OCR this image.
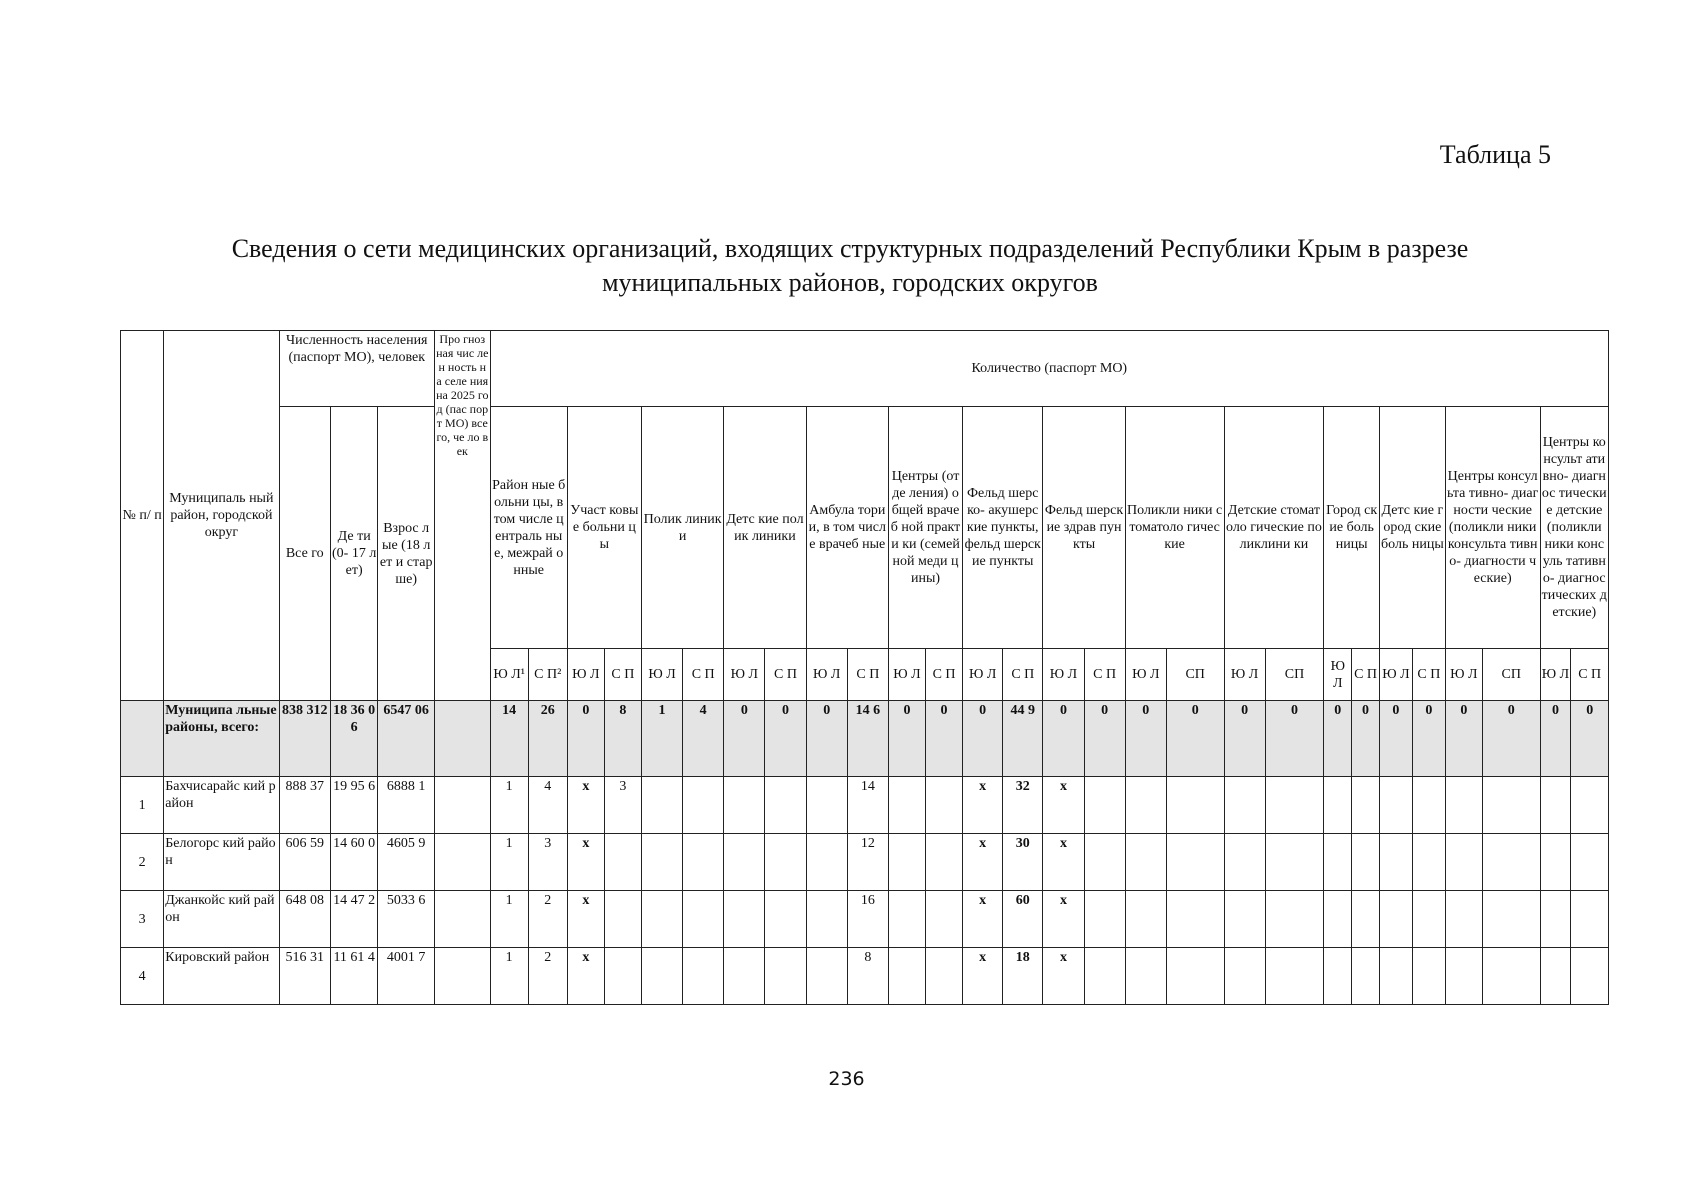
Таблица 5
Сведения о сети медицинских организаций, входящих структурных подразделений Республики Крым в разрезе
муниципальных районов, городских округов
№ п/ п	Муниципаль ный район, городской округ	Численность населения (паспорт МО), человек			Про гноз ная чис лен ность на селе ния на 2025 год (пас порт МО) все го, че ло век	Количество (паспорт МО)																											
		Все го	Де ти (0- 17 лет)	Взрос лые (18 лет и стар ше)		Район ные больни цы, в том числе централь ные, межрай онные		Участ ковые больни цы		Полик линики		Детс кие полик линики		Амбула тории, в том числе врачеб ные		Центры (отде ления) общей врачеб ной практи ки (семей ной меди цины)		Фельд шерско- акушерс кие пункты, фельд шерские пункты		Фельд шерские здрав пункты		Поликли ники стоматоло гические		Детские стоматоло гические поликлини ки		Город ские боль ницы		Детс кие город ские боль ницы		Центры консульта тивно- диагности ческие (поликли ники консульта тивно- диагности ческие)		Центры консульт ативно- диагнос тические детские (поликли ники консуль тативно- диагнос тических детские)	
						Ю Л¹	С П²	Ю Л	С П	Ю Л	С П	Ю Л	С П	Ю Л	С П	Ю Л	С П	Ю Л	С П	Ю Л	С П	Ю Л	СП	Ю Л	СП	Ю Л	С П	Ю Л	С П	Ю Л	СП	Ю Л	С П
	Муниципа льные районы, всего:	838 312	18 36 06	6547 06		14	26	0	8	1	4	0	0	0	14 6	0	0	0	44 9	0	0	0	0	0	0	0	0	0	0	0	0	0	0
1	Бахчисарайс кий район	888 37	19 95 6	6888 1		1	4	x	3						14			x	32	x													
2	Белогорс кий район	606 59	14 60 0	4605 9		1	3	x							12			x	30	x													
3	Джанкойс кий район	648 08	14 47 2	5033 6		1	2	x							16			x	60	x													
4	Кировский район	516 31	11 61 4	4001 7		1	2	x							8			x	18	x													
236
